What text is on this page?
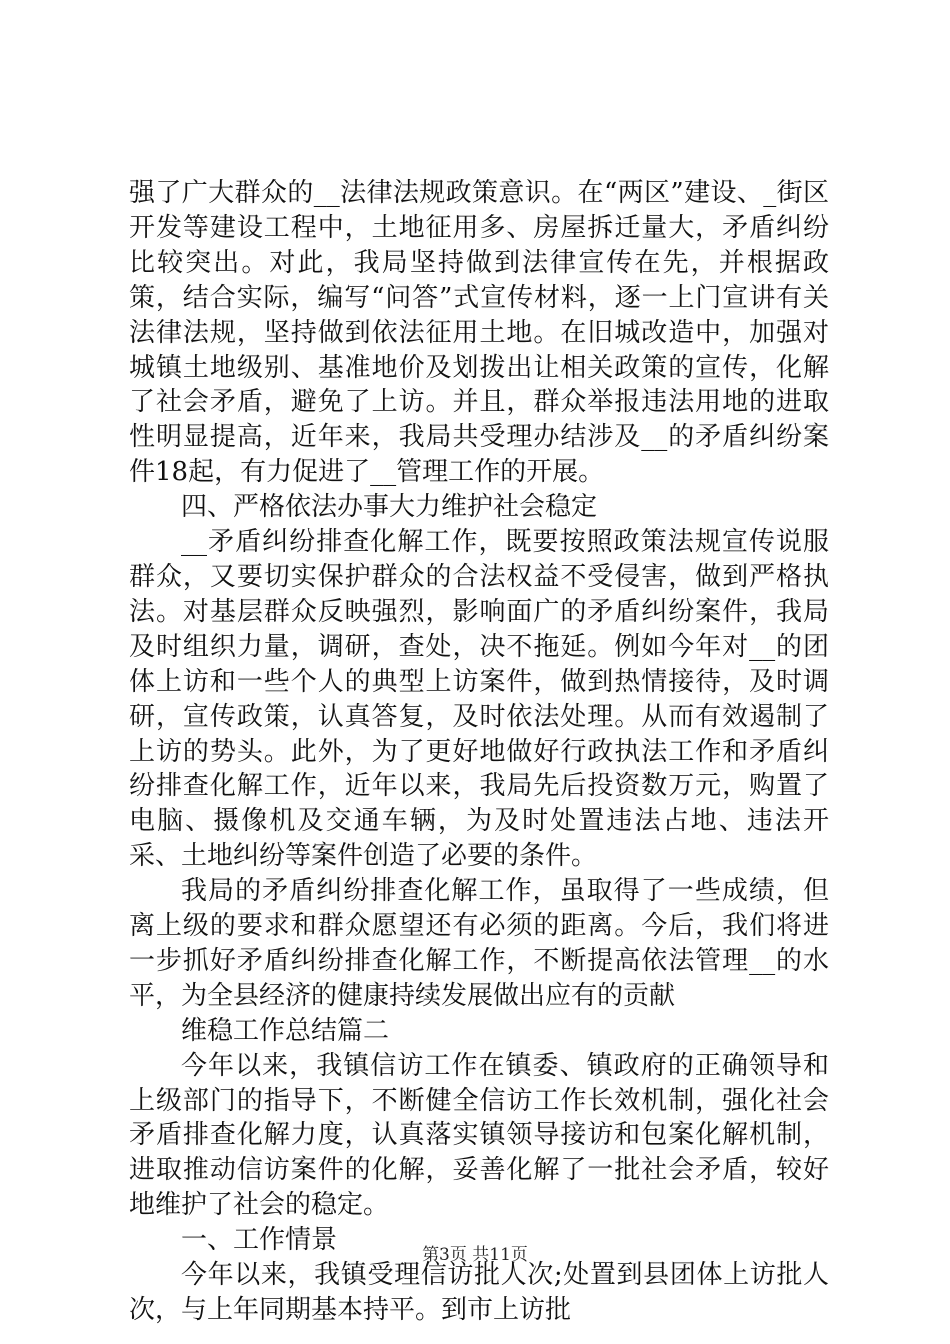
强了广大群众的__法律法规政策意识。在“两区”建设、_街区开发等建设工程中，土地征用多、房屋拆迁量大，矛盾纠纷比较突出。对此，我局坚持做到法律宣传在先，并根据政策，结合实际，编写“问答”式宣传材料，逐一上门宣讲有关法律法规，坚持做到依法征用土地。在旧城改造中，加强对城镇土地级别、基准地价及划拨出让相关政策的宣传，化解了社会矛盾，避免了上访。并且，群众举报违法用地的进取性明显提高，近年来，我局共受理办结涉及__的矛盾纠纷案件18起，有力促进了__管理工作的开展。

四、严格依法办事大力维护社会稳定

__矛盾纠纷排查化解工作，既要按照政策法规宣传说服群众，又要切实保护群众的合法权益不受侵害，做到严格执法。对基层群众反映强烈，影响面广的矛盾纠纷案件，我局及时组织力量，调研，查处，决不拖延。例如今年对__的团体上访和一些个人的典型上访案件，做到热情接待，及时调研，宣传政策，认真答复，及时依法处理。从而有效遏制了上访的势头。此外，为了更好地做好行政执法工作和矛盾纠纷排查化解工作，近年以来，我局先后投资数万元，购置了电脑、摄像机及交通车辆，为及时处置违法占地、违法开采、土地纠纷等案件创造了必要的条件。

我局的矛盾纠纷排查化解工作，虽取得了一些成绩，但离上级的要求和群众愿望还有必须的距离。今后，我们将进一步抓好矛盾纠纷排查化解工作，不断提高依法管理__的水平，为全县经济的健康持续发展做出应有的贡献

维稳工作总结篇二

今年以来，我镇信访工作在镇委、镇政府的正确领导和上级部门的指导下，不断健全信访工作长效机制，强化社会矛盾排查化解力度，认真落实镇领导接访和包案化解机制，进取推动信访案件的化解，妥善化解了一批社会矛盾，较好地维护了社会的稳定。

一、工作情景

今年以来，我镇受理信访批人次;处置到县团体上访批人次，与上年同期基本持平。到市上访批

第3页 共11页
